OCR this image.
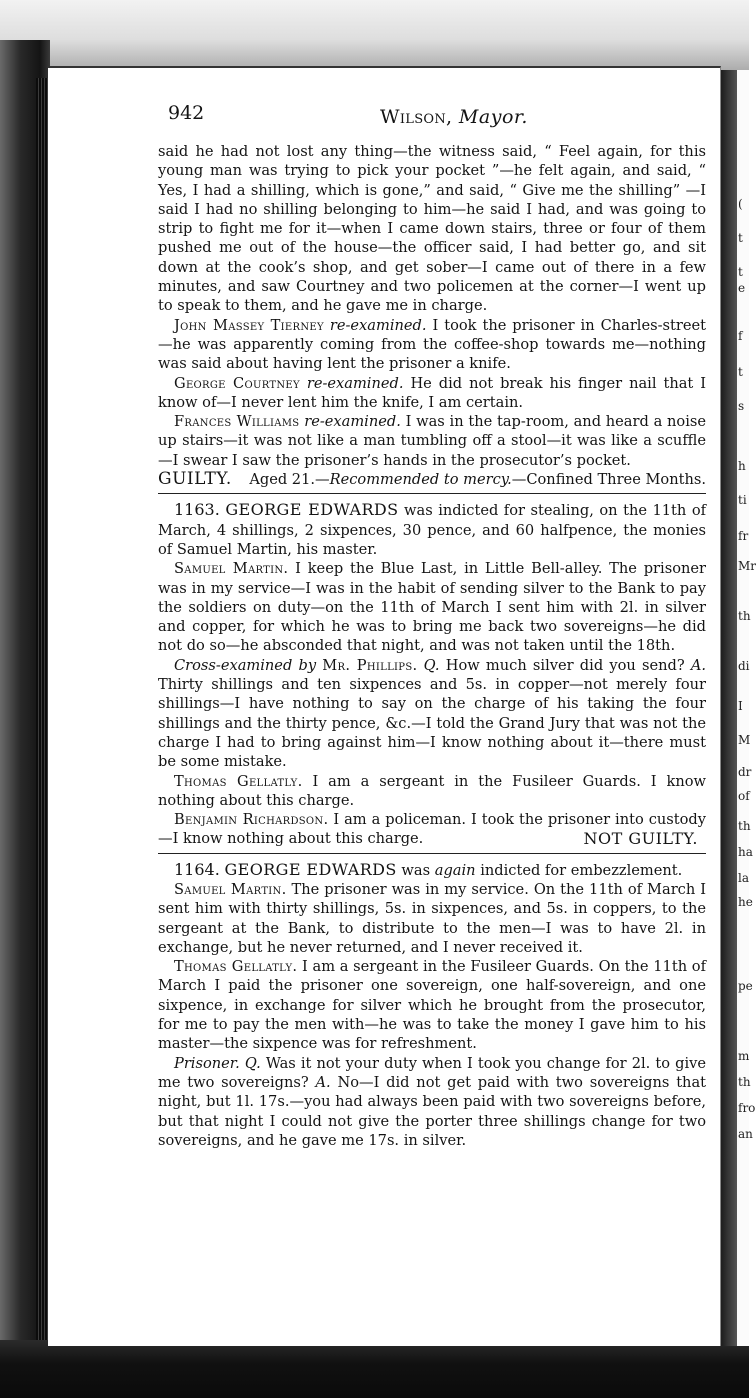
(
t
t
e
f
t
s
h
ti
fr
Mr
th
di
I
M
dr
of
th
ha
la
he
pe
m
th
fro
an
942	Wilson, Mayor.

said he had not lost any thing—the witness said, “ Feel again, for this young man was trying to pick your pocket ”—he felt again, and said, “ Yes, I had a shilling, which is gone,” and said, “ Give me the shilling” —I said I had no shilling belonging to him—he said I had, and was going to strip to fight me for it—when I came down stairs, three or four of them pushed me out of the house—the officer said, I had better go, and sit down at the cook’s shop, and get sober—I came out of there in a few minutes, and saw Courtney and two policemen at the corner—I went up to speak to them, and he gave me in charge.

John Massey Tierney re-examined. I took the prisoner in Charles-street—he was apparently coming from the coffee-shop towards me—nothing was said about having lent the prisoner a knife.

George Courtney re-examined. He did not break his finger nail that I know of—I never lent him the knife, I am certain.

Frances Williams re-examined. I was in the tap-room, and heard a noise up stairs—it was not like a man tumbling off a stool—it was like a scuffle—I swear I saw the prisoner’s hands in the prosecutor’s pocket.

GUILTY. Aged 21.—Recommended to mercy.—Confined Three Months.

1163. GEORGE EDWARDS was indicted for stealing, on the 11th of March, 4 shillings, 2 sixpences, 30 pence, and 60 halfpence, the monies of Samuel Martin, his master.

Samuel Martin. I keep the Blue Last, in Little Bell-alley. The prisoner was in my service—I was in the habit of sending silver to the Bank to pay the soldiers on duty—on the 11th of March I sent him with 2l. in silver and copper, for which he was to bring me back two sovereigns—he did not do so—he absconded that night, and was not taken until the 18th.

Cross-examined by Mr. Phillips. Q. How much silver did you send? A. Thirty shillings and ten sixpences and 5s. in copper—not merely four shillings—I have nothing to say on the charge of his taking the four shillings and the thirty pence, &c.—I told the Grand Jury that was not the charge I had to bring against him—I know nothing about it—there must be some mistake.

Thomas Gellatly. I am a sergeant in the Fusileer Guards. I know nothing about this charge.

Benjamin Richardson. I am a policeman. I took the prisoner into custody—I know nothing about this charge.	NOT GUILTY.

1164. GEORGE EDWARDS was again indicted for embezzlement.

Samuel Martin. The prisoner was in my service. On the 11th of March I sent him with thirty shillings, 5s. in sixpences, and 5s. in coppers, to the sergeant at the Bank, to distribute to the men—I was to have 2l. in exchange, but he never returned, and I never received it.

Thomas Gellatly. I am a sergeant in the Fusileer Guards. On the 11th of March I paid the prisoner one sovereign, one half-sovereign, and one sixpence, in exchange for silver which he brought from the prosecutor, for me to pay the men with—he was to take the money I gave him to his master—the sixpence was for refreshment.

Prisoner. Q. Was it not your duty when I took you change for 2l. to give me two sovereigns? A. No—I did not get paid with two sovereigns that night, but 1l. 17s.—you had always been paid with two sovereigns before, but that night I could not give the porter three shillings change for two sovereigns, and he gave me 17s. in silver.
